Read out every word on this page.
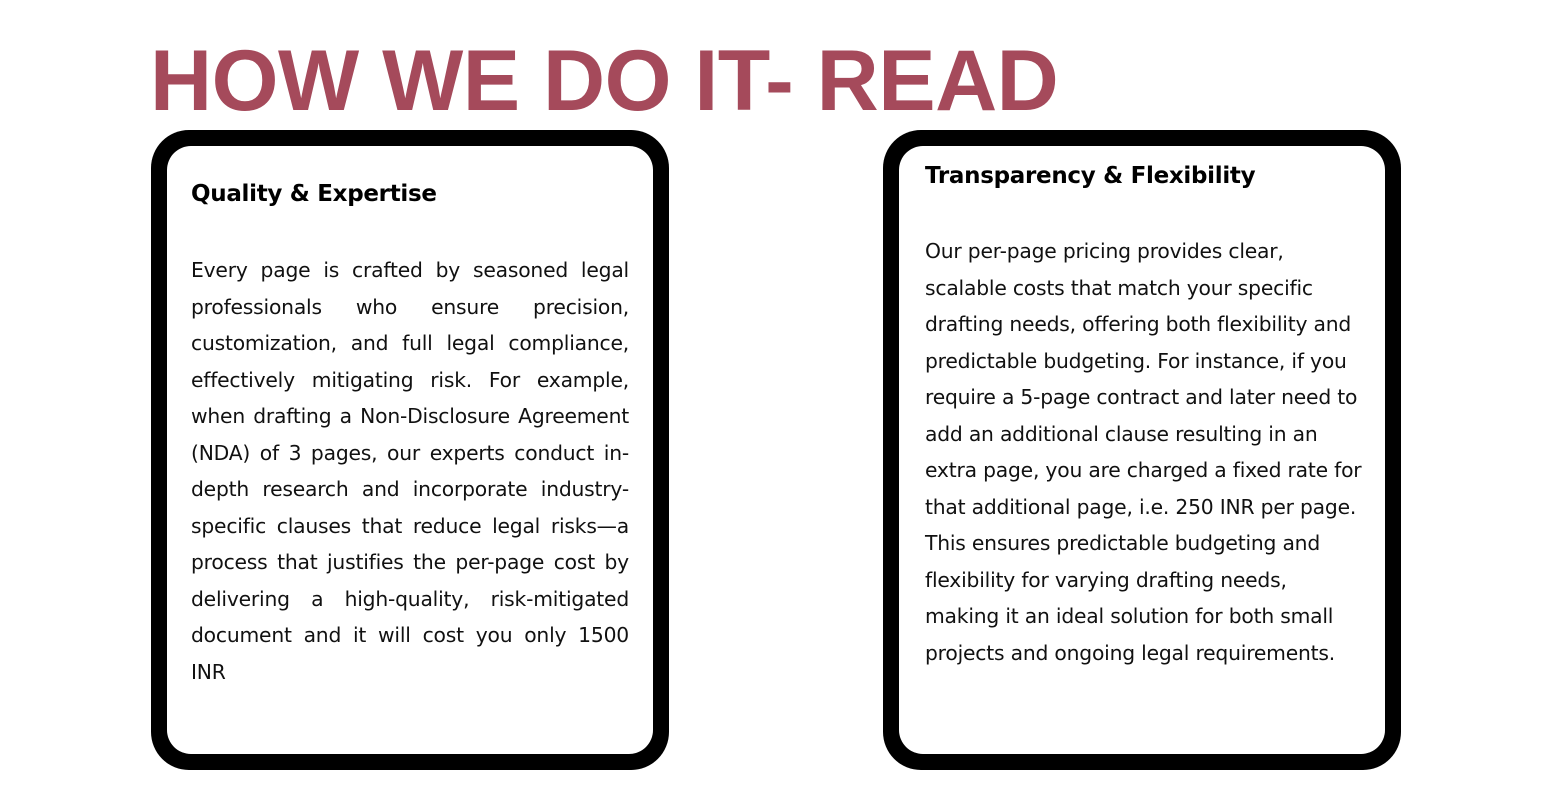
HOW WE DO IT- READ
Quality & Expertise

Every page is crafted by seasoned legal professionals who ensure precision, customization, and full legal compliance, effectively mitigating risk. For example, when drafting a Non-Disclosure Agreement (NDA) of 3 pages, our experts conduct in-depth research and incorporate industry-specific clauses that reduce legal risks—a process that justifies the per-page cost by delivering a high-quality, risk-mitigated document and it will cost you only 1500 INR

Transparency & Flexibility

Our per-page pricing provides clear, scalable costs that match your specific drafting needs, offering both flexibility and predictable budgeting. For instance, if you require a 5-page contract and later need to add an additional clause resulting in an extra page, you are charged a fixed rate for that additional page, i.e. 250 INR per page. This ensures predictable budgeting and flexibility for varying drafting needs, making it an ideal solution for both small projects and ongoing legal requirements.
